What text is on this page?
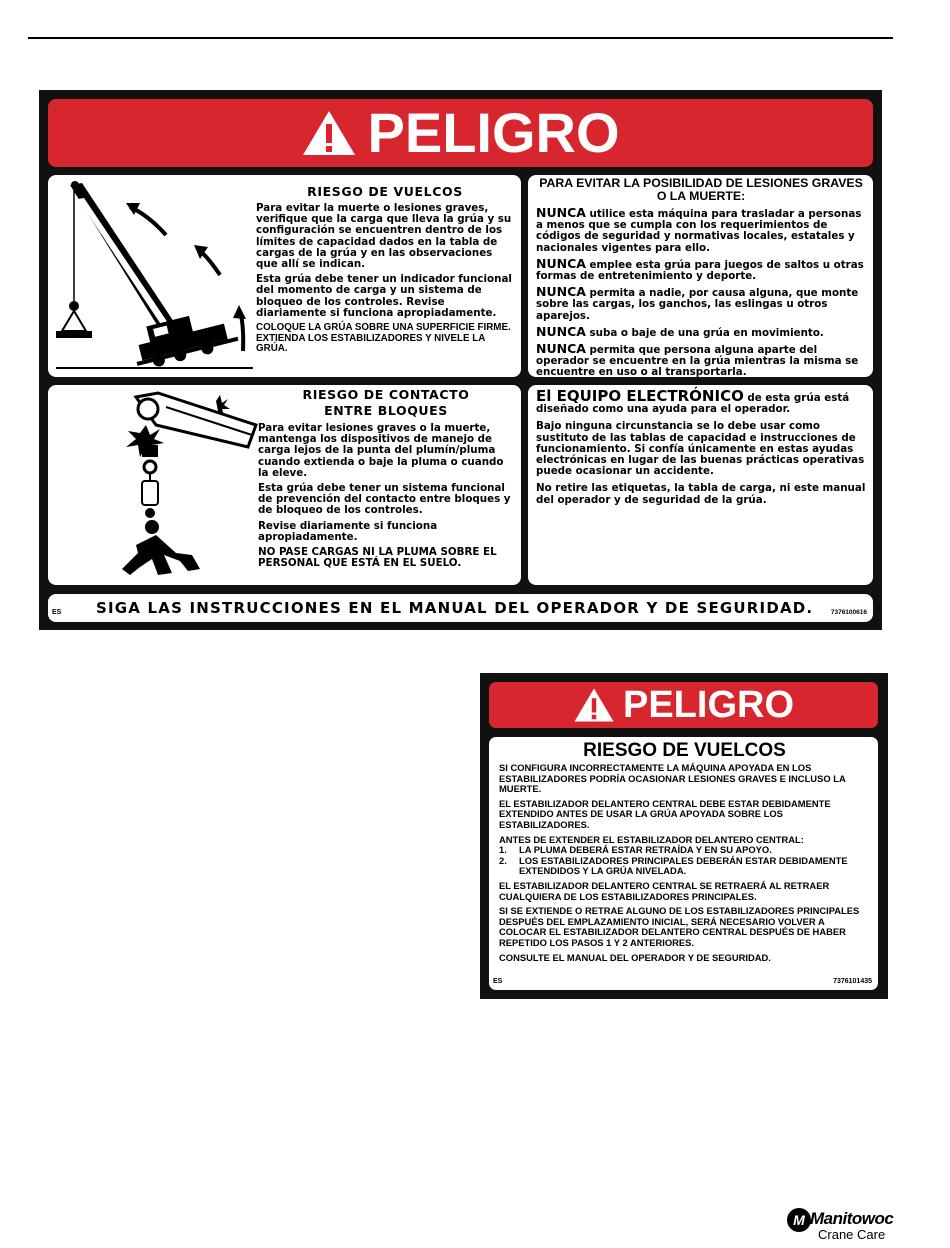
PELIGRO
RIESGO DE VUELCOS

Para evitar la muerte o lesiones graves, verifique que la carga que lleva la grúa y su configuración se encuentren dentro de los límites de capacidad dados en la tabla de cargas de la grúa y en las observaciones que allí se indican.

Esta grúa debe tener un indicador funcional del momento de carga y un sistema de bloqueo de los controles. Revise diariamente si funciona apropiadamente.

COLOQUE LA GRÚA SOBRE UNA SUPERFICIE FIRME. EXTIENDA LOS ESTABILIZADORES Y NIVELE LA GRÚA.

PARA EVITAR LA POSIBILIDAD DE LESIONES GRAVES O LA MUERTE:

NUNCA utilice esta máquina para trasladar a personas a menos que se cumpla con los requerimientos de códigos de seguridad y normativas locales, estatales y nacionales vigentes para ello.

NUNCA emplee esta grúa para juegos de saltos u otras formas de entretenimiento y deporte.

NUNCA permita a nadie, por causa alguna, que monte sobre las cargas, los ganchos, las eslingas u otros aparejos.

NUNCA suba o baje de una grúa en movimiento.

NUNCA permita que persona alguna aparte del operador se encuentre en la grúa mientras la misma se encuentre en uso o al transportarla.

RIESGO DE CONTACTO
ENTRE BLOQUES

Para evitar lesiones graves o la muerte, mantenga los dispositivos de manejo de carga lejos de la punta del plumín/pluma cuando extienda o baje la pluma o cuando la eleve.

Esta grúa debe tener un sistema funcional de prevención del contacto entre bloques y de bloqueo de los controles.

Revise diariamente si funciona apropiadamente.

NO PASE CARGAS NI LA PLUMA SOBRE EL PERSONAL QUE ESTÁ EN EL SUELO.

El EQUIPO ELECTRÓNICO de esta grúa está diseñado como una ayuda para el operador.

Bajo ninguna circunstancia se lo debe usar como sustituto de las tablas de capacidad e instrucciones de funcionamiento. Si confía únicamente en estas ayudas electrónicas en lugar de las buenas prácticas operativas puede ocasionar un accidente.

No retire las etiquetas, la tabla de carga, ni este manual del operador y de seguridad de la grúa.

ES SIGA LAS INSTRUCCIONES EN EL MANUAL DEL OPERADOR Y DE SEGURIDAD.	7376100616
PELIGRO
RIESGO DE VUELCOS

SI CONFIGURA INCORRECTAMENTE LA MÁQUINA APOYADA EN LOS ESTABILIZADORES PODRÍA OCASIONAR LESIONES GRAVES E INCLUSO LA MUERTE.

EL ESTABILIZADOR DELANTERO CENTRAL DEBE ESTAR DEBIDAMENTE EXTENDIDO ANTES DE USAR LA GRÚA APOYADA SOBRE LOS ESTABILIZADORES.

ANTES DE EXTENDER EL ESTABILIZADOR DELANTERO CENTRAL:

1.	LA PLUMA DEBERÁ ESTAR RETRAÍDA Y EN SU APOYO.
2.	LOS ESTABILIZADORES PRINCIPALES DEBERÁN ESTAR DEBIDAMENTE EXTENDIDOS Y LA GRÚA NIVELADA.

EL ESTABILIZADOR DELANTERO CENTRAL SE RETRAERÁ AL RETRAER CUALQUIERA DE LOS ESTABILIZADORES PRINCIPALES.

SI SE EXTIENDE O RETRAE ALGUNO DE LOS ESTABILIZADORES PRINCIPALES DESPUÉS DEL EMPLAZAMIENTO INICIAL, SERÁ NECESARIO VOLVER A COLOCAR EL ESTABILIZADOR DELANTERO CENTRAL DESPUÉS DE HABER REPETIDO LOS PASOS 1 Y 2 ANTERIORES.

CONSULTE EL MANUAL DEL OPERADOR Y DE SEGURIDAD.

ES	7376101435
M Manitowoc
Crane Care
